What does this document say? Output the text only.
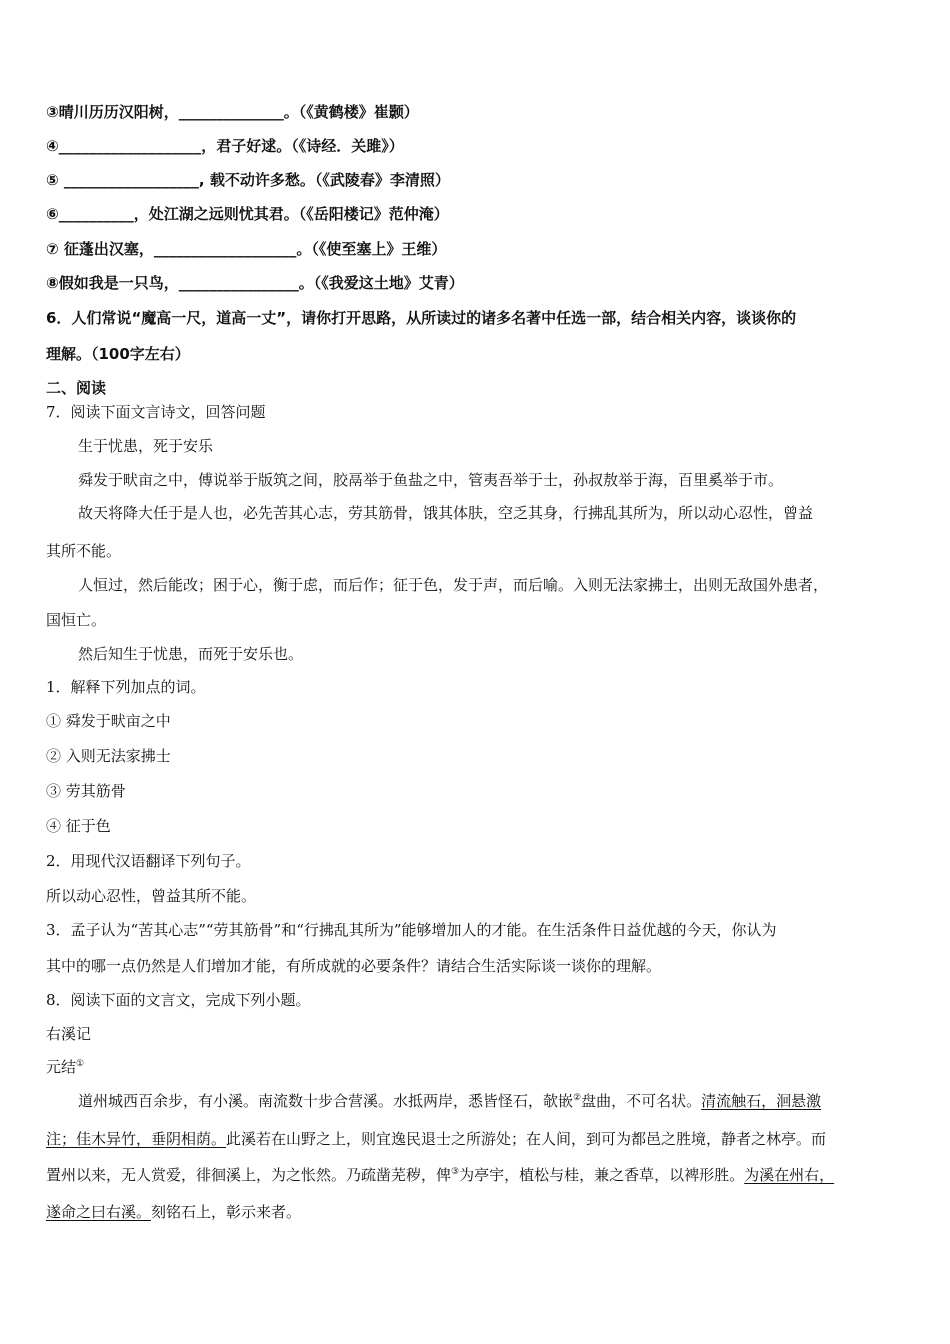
③晴川历历汉阳树，______________。（《黄鹤楼》崔颢）
④___________________，君子好逑。（《诗经．关雎》）
⑤ __________________, 载不动许多愁。（《武陵春》李清照）
⑥__________，处江湖之远则忧其君。（《岳阳楼记》范仲淹）
⑦ 征蓬出汉塞，___________________。（《使至塞上》王维）
⑧假如我是一只鸟，________________。（《我爱这土地》艾青）
6．人们常说“魔高一尺，道高一丈”，请你打开思路，从所读过的诸多名著中任选一部，结合相关内容，谈谈你的
理解。（100字左右）
二、阅读
7．阅读下面文言诗文，回答问题
生于忧患，死于安乐
舜发于畎亩之中，傅说举于版筑之间，胶鬲举于鱼盐之中，管夷吾举于士，孙叔敖举于海，百里奚举于市。
故天将降大任于是人也，必先苦其心志，劳其筋骨，饿其体肤，空乏其身，行拂乱其所为，所以动心忍性，曾益
其所不能。
人恒过，然后能改；困于心，衡于虑，而后作；征于色，发于声，而后喻。入则无法家拂士，出则无敌国外患者，
国恒亡。
然后知生于忧患，而死于安乐也。
1．解释下列加点的词。
① 舜发于畎亩之中
② 入则无法家拂士
③ 劳其筋骨
④ 征于色
2．用现代汉语翻译下列句子。
所以动心忍性，曾益其所不能。
3．孟子认为“苦其心志”“劳其筋骨”和“行拂乱其所为”能够增加人的才能。在生活条件日益优越的今天，你认为
其中的哪一点仍然是人们增加才能，有所成就的必要条件？请结合生活实际谈一谈你的理解。
8．阅读下面的文言文，完成下列小题。
右溪记
元结①
道州城西百余步，有小溪。南流数十步合营溪。水抵两岸，悉皆怪石，欹嵌②盘曲，不可名状。清流触石，洄悬激
注；佳木异竹，垂阴相荫。此溪若在山野之上，则宜逸民退士之所游处；在人间，到可为都邑之胜境，静者之林亭。而
置州以来，无人赏爱，徘徊溪上，为之怅然。乃疏凿芜秽，俾③为亭宇，植松与桂，兼之香草，以裨形胜。为溪在州右，
遂命之曰右溪。刻铭石上，彰示来者。
